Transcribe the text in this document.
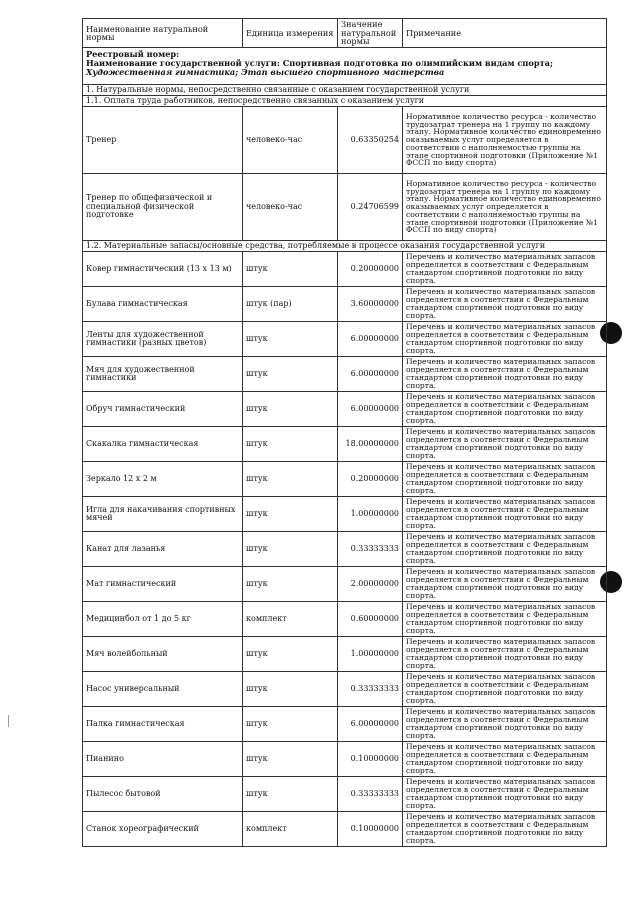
Наименование натуральной нормы	Единица измерения	Значение натуральной нормы	Примечание

Реестровый номер:
Наименование государственной услуги: Спортивная подготовка по олимпийским видам спорта;
Художественная гимнастика; Этап высшего спортивного мастерства			

1. Натуральные нормы, непосредственно связанные с оказанием государственной услуги			
1.1. Оплата труда работников, непосредственно связанных с оказанием услуги			
Тренер	человеко-час	0.63350254	Нормативное количество ресурса - количество трудозатрат тренера на 1 группу по каждому этапу. Нормативное количество единовременно оказываемых услуг определяется в соответствии с наполняемостью группы на этапе спортивной подготовки (Приложение №1 ФССП по виду спорта)
Тренер по общефизической и специальной физической подготовке	человеко-час	0.24706599	Нормативное количество ресурса - количество трудозатрат тренера на 1 группу по каждому этапу. Нормативное количество единовременно оказываемых услуг определяется в соответствии с наполняемостью группы на этапе спортивной подготовки (Приложение №1 ФССП по виду спорта)
1.2. Материальные запасы/основные средства, потребляемые в процессе оказания государственной услуги			
Ковер гимнастический (13 x 13 м)	штук	0.20000000	Перечень и количество материальных запасов определяется в соответствии с Федеральным стандартом спортивной подготовки по виду спорта.
Булава гимнастическая	штук (пар)	3.60000000	Перечень и количество материальных запасов определяется в соответствии с Федеральным стандартом спортивной подготовки по виду спорта.
Ленты для художественной гимнастики (разных цветов)	штук	6.00000000	Перечень и количество материальных запасов определяется в соответствии с Федеральным стандартом спортивной подготовки по виду спорта.
Мяч для художественной гимнастики	штук	6.00000000	Перечень и количество материальных запасов определяется в соответствии с Федеральным стандартом спортивной подготовки по виду спорта.
Обруч гимнастический	штук	6.00000000	Перечень и количество материальных запасов определяется в соответствии с Федеральным стандартом спортивной подготовки по виду спорта.
Скакалка гимнастическая	штук	18.00000000	Перечень и количество материальных запасов определяется в соответствии с Федеральным стандартом спортивной подготовки по виду спорта.
Зеркало 12 x 2 м	штук	0.20000000	Перечень и количество материальных запасов определяется в соответствии с Федеральным стандартом спортивной подготовки по виду спорта.
Игла для накачивания спортивных мячей	штук	1.00000000	Перечень и количество материальных запасов определяется в соответствии с Федеральным стандартом спортивной подготовки по виду спорта.
Канат для лазанья	штук	0.33333333	Перечень и количество материальных запасов определяется в соответствии с Федеральным стандартом спортивной подготовки по виду спорта.
Мат гимнастический	штук	2.00000000	Перечень и количество материальных запасов определяется в соответствии с Федеральным стандартом спортивной подготовки по виду спорта.
Медицинбол от 1 до 5 кг	комплект	0.60000000	Перечень и количество материальных запасов определяется в соответствии с Федеральным стандартом спортивной подготовки по виду спорта.
Мяч волейбольный	штук	1.00000000	Перечень и количество материальных запасов определяется в соответствии с Федеральным стандартом спортивной подготовки по виду спорта.
Насос универсальный	штук	0.33333333	Перечень и количество материальных запасов определяется в соответствии с Федеральным стандартом спортивной подготовки по виду спорта.
Палка гимнастическая	штук	6.00000000	Перечень и количество материальных запасов определяется в соответствии с Федеральным стандартом спортивной подготовки по виду спорта.
Пианино	штук	0.10000000	Перечень и количество материальных запасов определяется в соответствии с Федеральным стандартом спортивной подготовки по виду спорта.
Пылесос бытовой	штук	0.33333333	Перечень и количество материальных запасов определяется в соответствии с Федеральным стандартом спортивной подготовки по виду спорта.
Станок хореографический	комплект	0.10000000	Перечень и количество материальных запасов определяется в соответствии с Федеральным стандартом спортивной подготовки по виду спорта.
